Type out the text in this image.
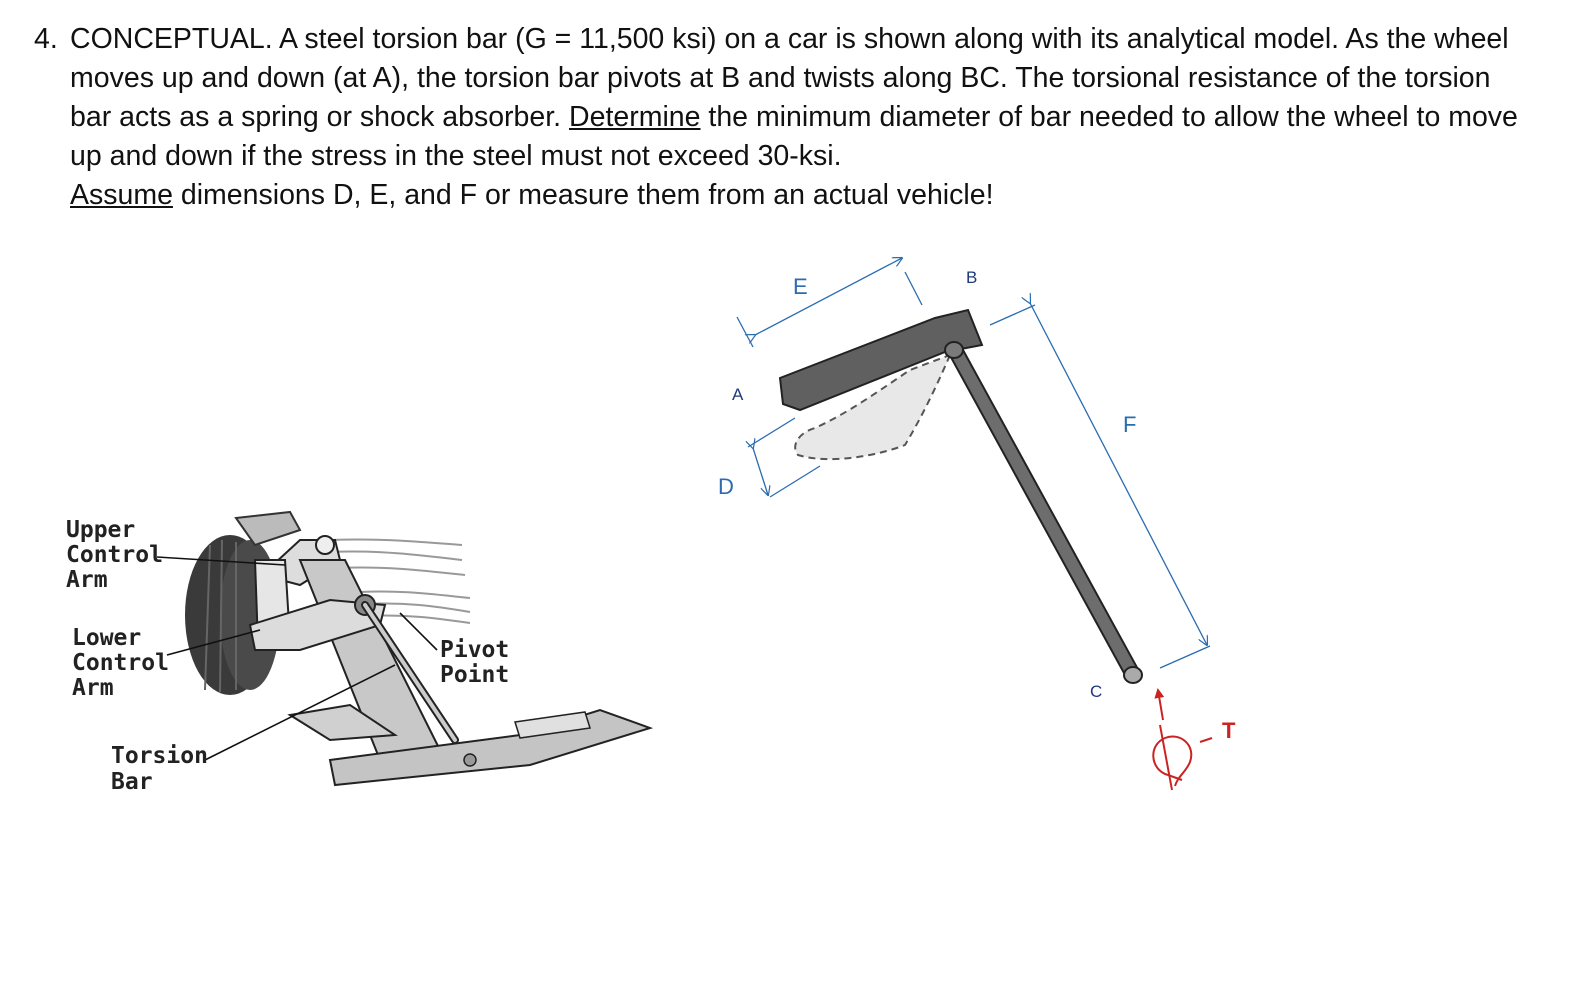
4. CONCEPTUAL. A steel torsion bar (G = 11,500 ksi) on a car is shown along with its analytical model. As the wheel moves up and down (at A), the torsion bar pivots at B and twists along BC. The torsional resistance of the torsion bar acts as a spring or shock absorber. Determine the minimum diameter of bar needed to allow the wheel to move up and down if the stress in the steel must not exceed 30-ksi.
Assume dimensions D, E, and F or measure them from an actual vehicle!
Upper
Control
Arm
Lower
Control
Arm
Pivot
Point
Torsion
Bar
E
F
D
A
B
C
T
